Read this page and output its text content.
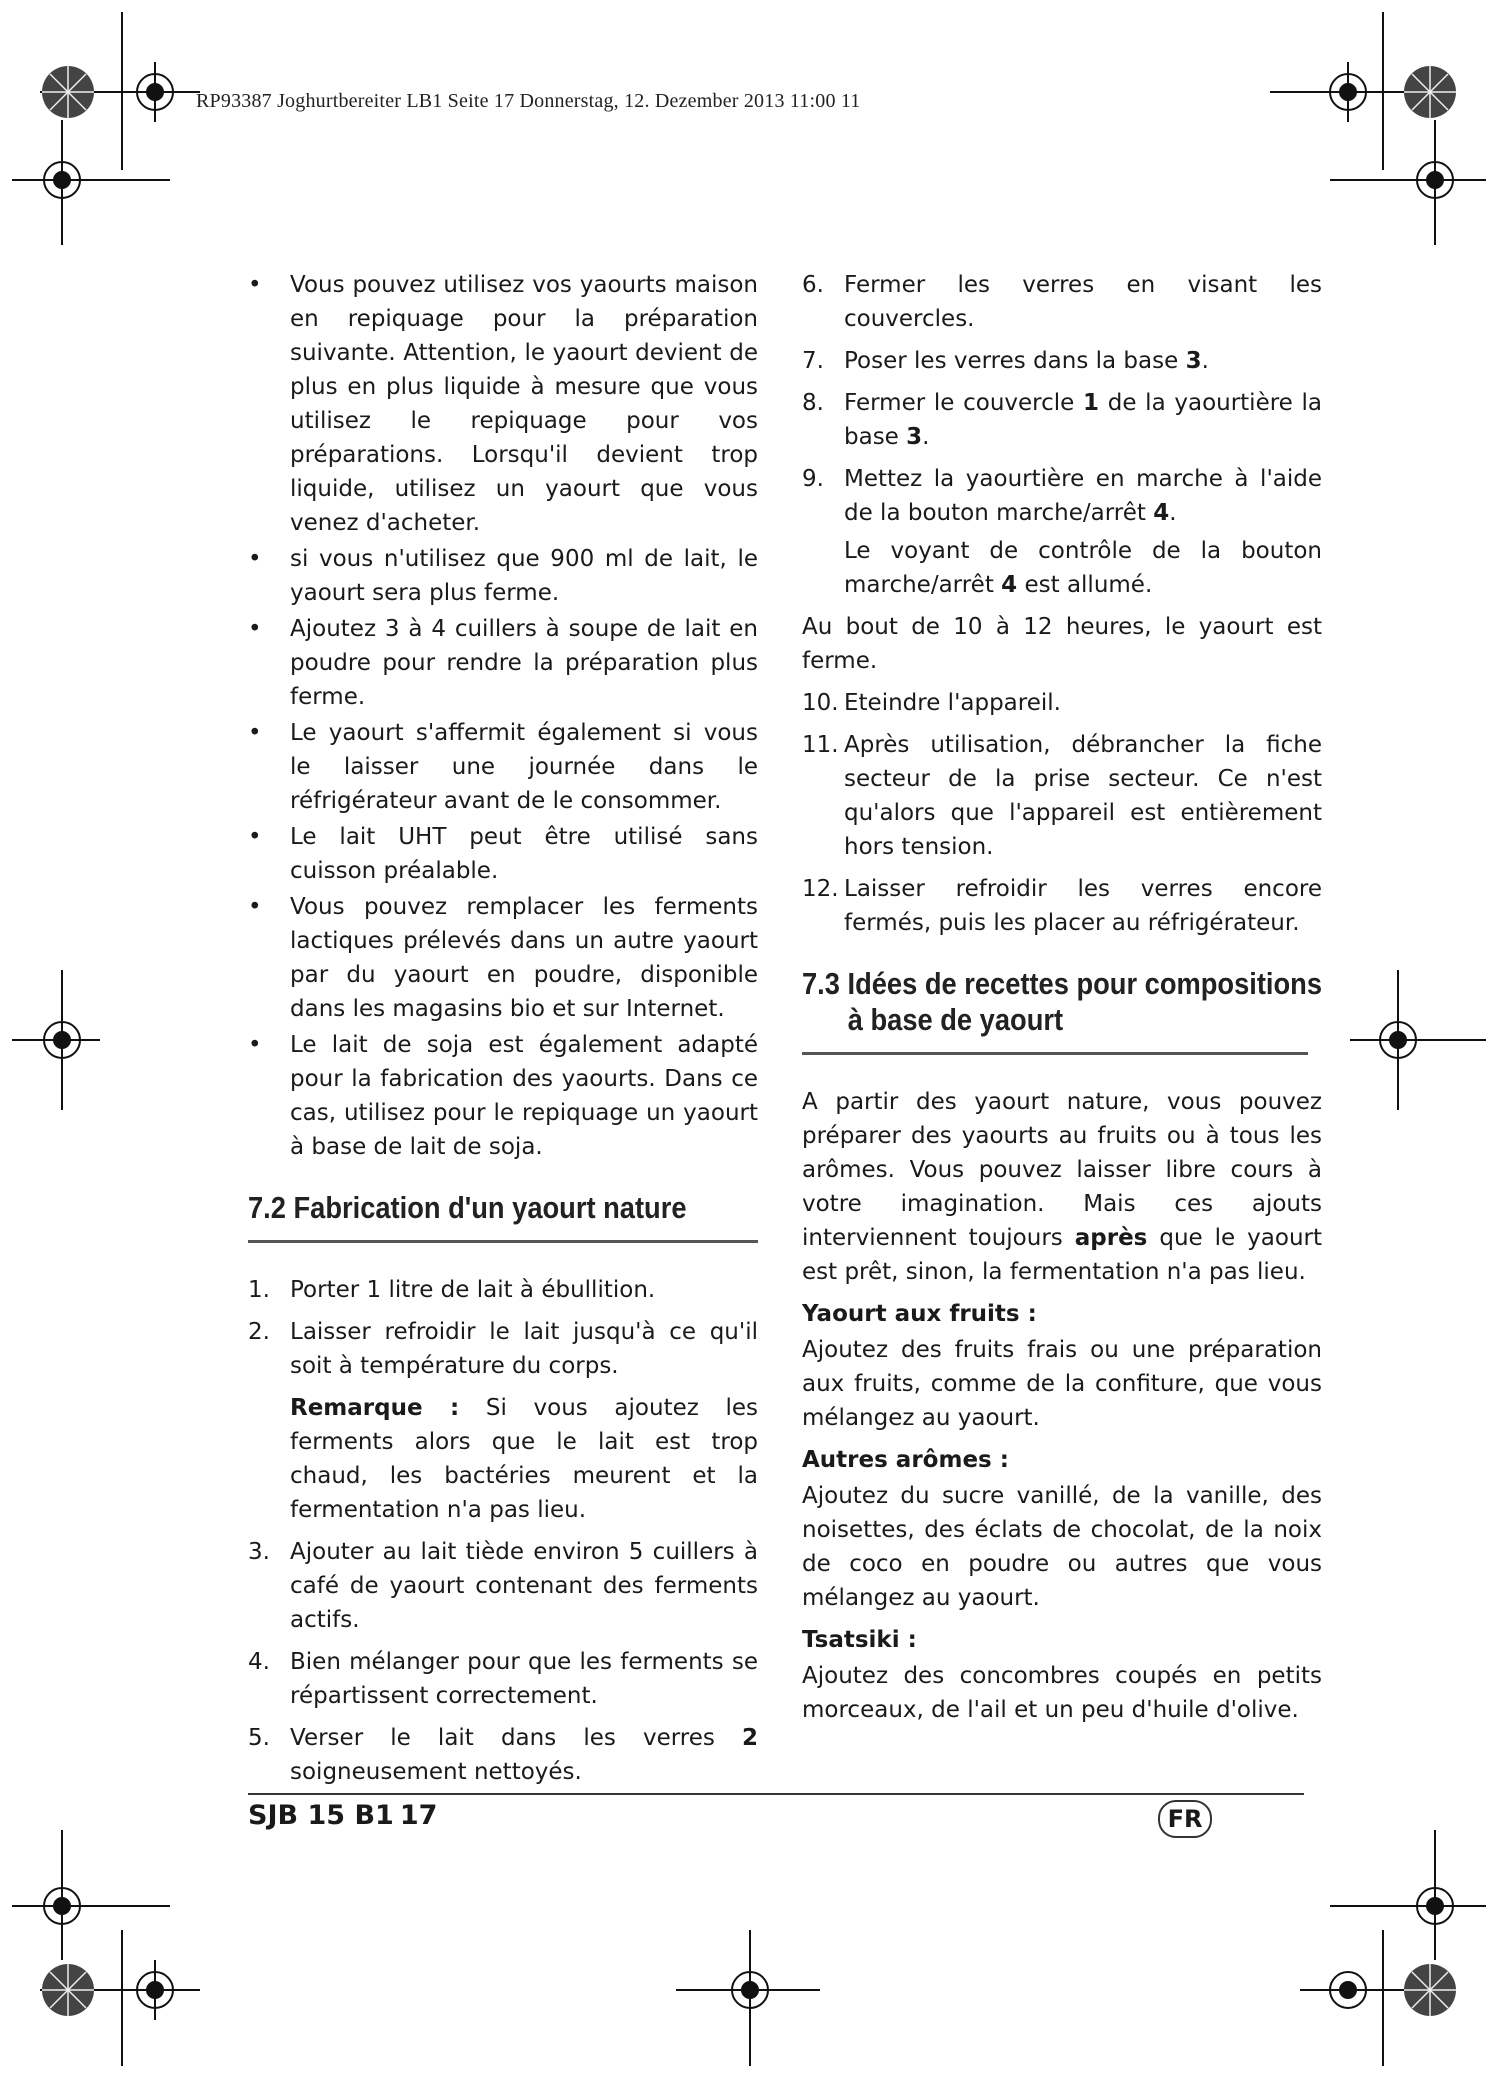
RP93387 Joghurtbereiter LB1 Seite 17 Donnerstag, 12. Dezember 2013 11:00 11
•	Vous pouvez utilisez vos yaourts maison en repiquage pour la préparation suivante. Attention, le yaourt devient de plus en plus liquide à mesure que vous utilisez le repiquage pour vos préparations. Lorsqu'il devient trop liquide, utilisez un yaourt que vous venez d'acheter.
•	si vous n'utilisez que 900 ml de lait, le yaourt sera plus ferme.
•	Ajoutez 3 à 4 cuillers à soupe de lait en poudre pour rendre la préparation plus ferme.
•	Le yaourt s'affermit également si vous le laisser une journée dans le réfrigérateur avant de le consommer.
•	Le lait UHT peut être utilisé sans cuisson préalable.
•	Vous pouvez remplacer les ferments lactiques prélevés dans un autre yaourt par du yaourt en poudre, disponible dans les magasins bio et sur Internet.
•	Le lait de soja est également adapté pour la fabrication des yaourts. Dans ce cas, utilisez pour le repiquage un yaourt à base de lait de soja.
7.2 Fabrication d'un yaourt nature
1. Porter 1 litre de lait à ébullition.
2. Laisser refroidir le lait jusqu'à ce qu'il soit à température du corps.
Remarque : Si vous ajoutez les ferments alors que le lait est trop chaud, les bactéries meurent et la fermentation n'a pas lieu.
3. Ajouter au lait tiède environ 5 cuillers à café de yaourt contenant des ferments actifs.
4. Bien mélanger pour que les ferments se répartissent correctement.
5. Verser le lait dans les verres 2 soigneusement nettoyés.
6. Fermer les verres en visant les couvercles.
7. Poser les verres dans la base 3.
8. Fermer le couvercle 1 de la yaourtière la base 3.
9. Mettez la yaourtière en marche à l'aide de la bouton marche/arrêt 4.
Le voyant de contrôle de la bouton marche/arrêt 4 est allumé.
Au bout de 10 à 12 heures, le yaourt est ferme.
10. Eteindre l'appareil.
11. Après utilisation, débrancher la fiche secteur de la prise secteur. Ce n'est qu'alors que l'appareil est entièrement hors tension.
12. Laisser refroidir les verres encore fermés, puis les placer au réfrigérateur.
7.3 Idées de recettes pour compositions
à base de yaourt
A partir des yaourt nature, vous pouvez préparer des yaourts au fruits ou à tous les arômes. Vous pouvez laisser libre cours à votre imagination. Mais ces ajouts interviennent toujours après que le yaourt est prêt, sinon, la fermentation n'a pas lieu.
Yaourt aux fruits :
Ajoutez des fruits frais ou une préparation aux fruits, comme de la confiture, que vous mélangez au yaourt.
Autres arômes :
Ajoutez du sucre vanillé, de la vanille, des noisettes, des éclats de chocolat, de la noix de coco en poudre ou autres que vous mélangez au yaourt.
Tsatsiki :
Ajoutez des concombres coupés en petits morceaux, de l'ail et un peu d'huile d'olive.
SJB 15 B1 17	FR
